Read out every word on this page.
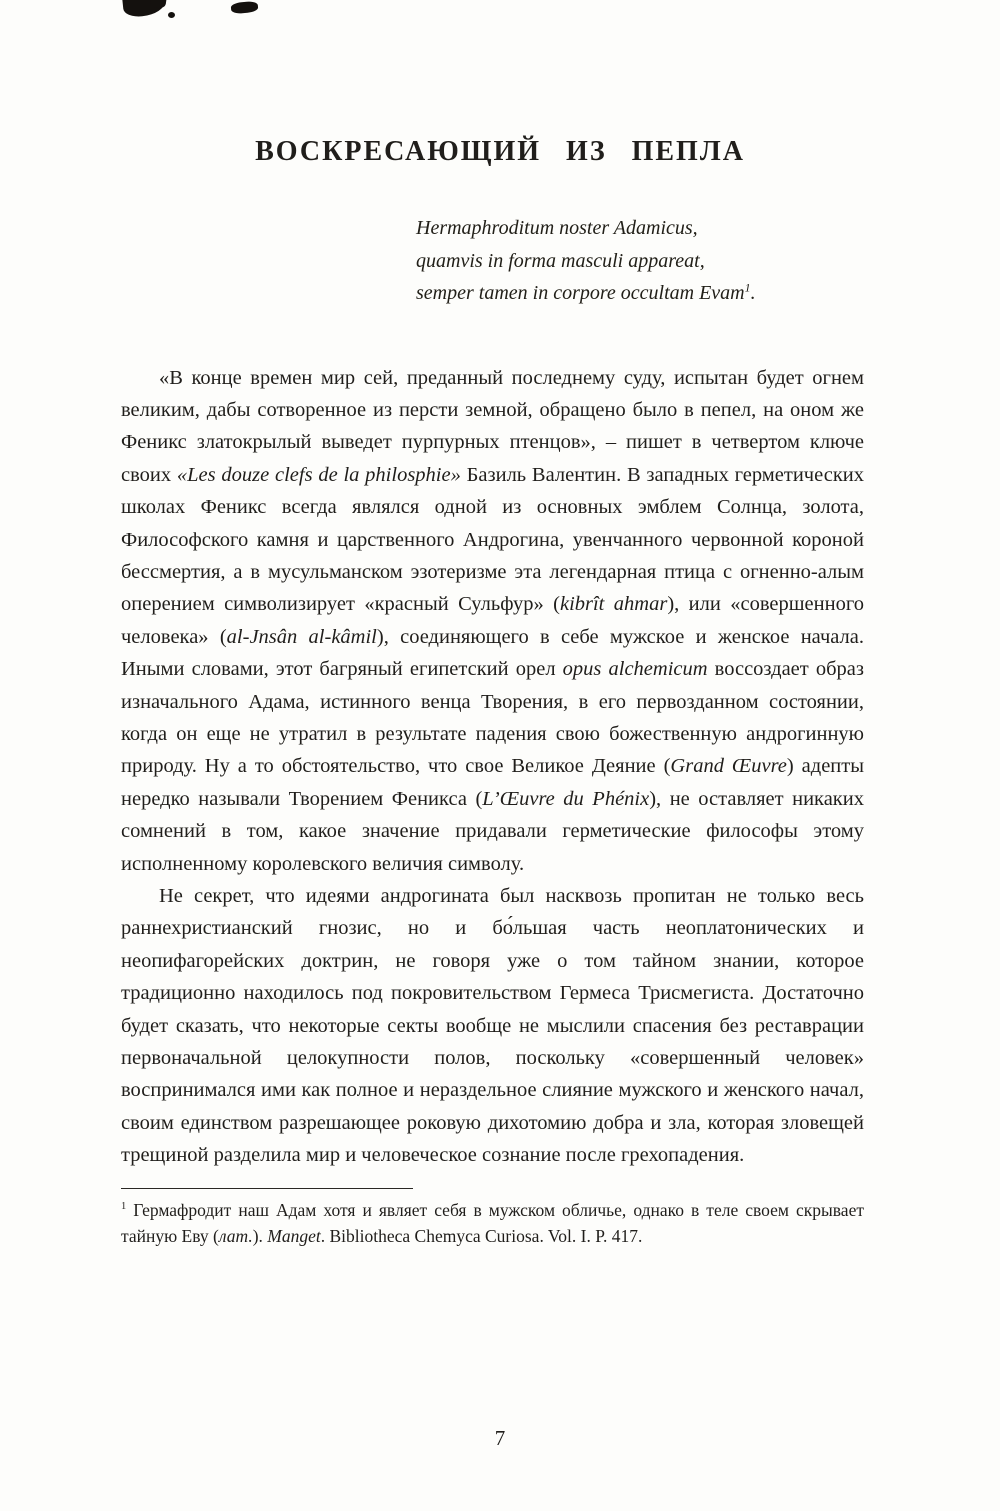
ВОСКРЕСАЮЩИЙ ИЗ ПЕПЛА
Hermaphroditum noster Adamicus,
quamvis in forma masculi appareat,
semper tamen in corpore occultam Evam$^1$.

«В конце времен мир сей, преданный последнему суду, испытан будет огнем великим, дабы сотворенное из персти земной, обращено было в пепел, на оном же Феникс златокрылый выведет пурпурных птенцов», – пишет в четвертом ключе своих «Les douze clefs de la philosphie» Базиль Валентин. В западных герметических школах Феникс всегда являлся одной из основных эмблем Солнца, золота, Философского камня и царственного Андрогина, увенчанного червонной короной бессмертия, а в мусульманском эзотеризме эта легендарная птица с огненно-алым оперением символизирует «красный Сульфур» (kibrît ahmar), или «совершенного человека» (al-Jnsân al-kâmil), соединяющего в себе мужское и женское начала. Иными словами, этот багряный египетский орел opus alchemicum воссоздает образ изначального Адама, истинного венца Творения, в его первозданном состоянии, когда он еще не утратил в результате падения свою божественную андрогинную природу. Ну а то обстоятельство, что свое Великое Деяние (Grand Œuvre) адепты нередко называли Творением Феникса (L’Œuvre du Phénix), не оставляет никаких сомнений в том, какое значение придавали герметические философы этому исполненному королевского величия символу.

Не секрет, что идеями андрогината был насквозь пропитан не только весь раннехристианский гнозис, но и бо́льшая часть неоплатонических и неопифагорейских доктрин, не говоря уже о том тайном знании, которое традиционно находилось под покровительством Гермеса Трисмегиста. Достаточно будет сказать, что некоторые секты вообще не мыслили спасения без реставрации первоначальной целокупности полов, поскольку «совершенный человек» воспринимался ими как полное и нераздельное слияние мужского и женского начал, своим единством разрешающее роковую дихотомию добра и зла, которая зловещей трещиной разделила мир и человеческое сознание после грехопадения.

$^1$ Гермафродит наш Адам хотя и являет себя в мужском обличье, однако в теле своем скрывает тайную Еву (лат.). Manget. Bibliotheca Chemyca Curiosa. Vol. I. P. 417.
7
